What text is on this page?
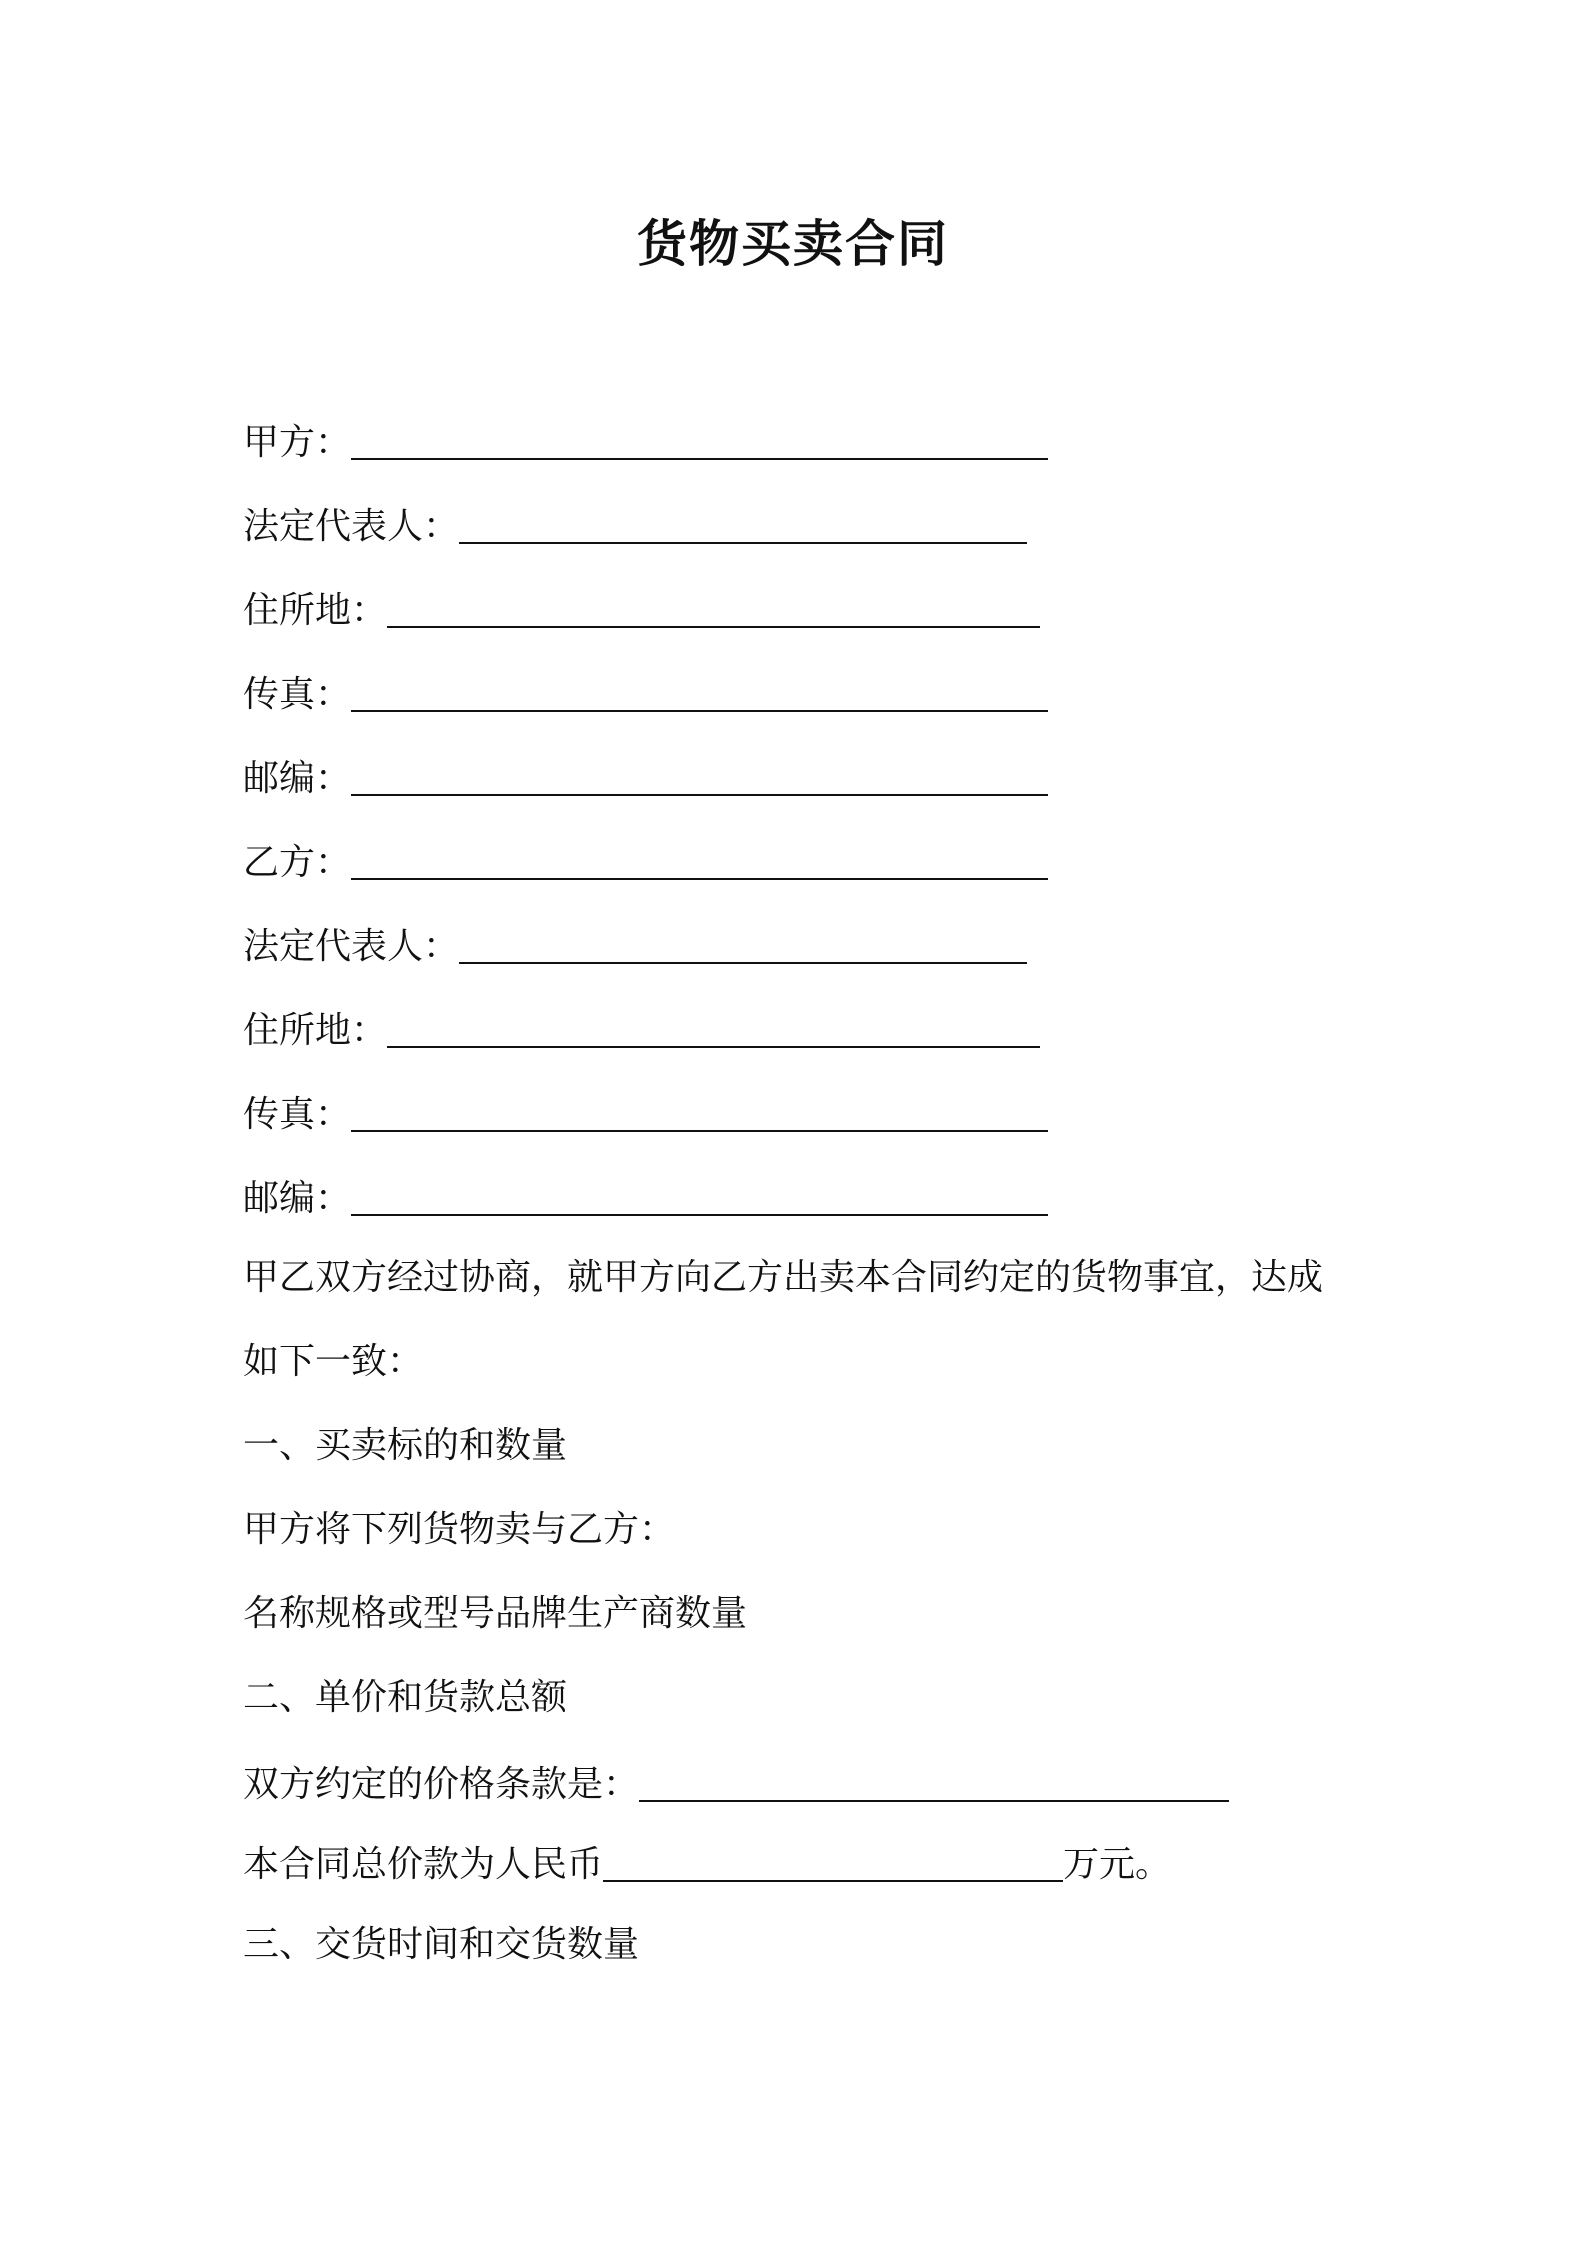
货物买卖合同
甲方：
法定代表人：
住所地：
传真：
邮编：
乙方：
法定代表人：
住所地：
传真：
邮编：
甲乙双方经过协商，就甲方向乙方出卖本合同约定的货物事宜，达成
如下一致：
一、买卖标的和数量
甲方将下列货物卖与乙方：
名称规格或型号品牌生产商数量
二、单价和货款总额
双方约定的价格条款是：
本合同总价款为人民币	万元。
三、交货时间和交货数量
